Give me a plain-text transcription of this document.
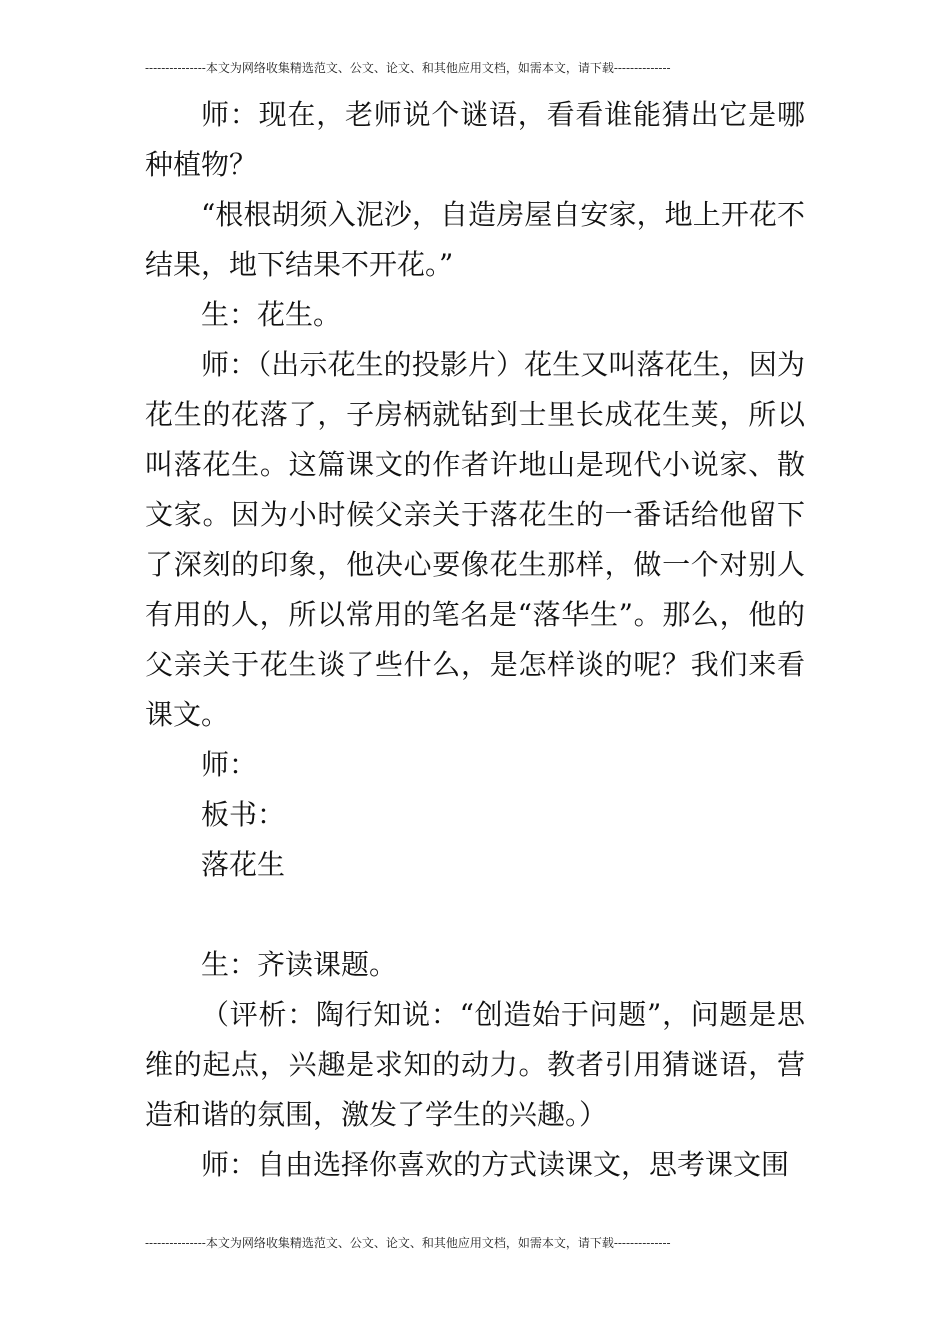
---------------本文为网络收集精选范文、公文、论文、和其他应用文档，如需本文，请下载--------------

师：现在，老师说个谜语，看看谁能猜出它是哪种植物？

“根根胡须入泥沙，自造房屋自安家，地上开花不结果，地下结果不开花。”

生：花生。

师：（出示花生的投影片）花生又叫落花生，因为花生的花落了，子房柄就钻到士里长成花生荚，所以叫落花生。这篇课文的作者许地山是现代小说家、散文家。因为小时候父亲关于落花生的一番话给他留下了深刻的印象，他决心要像花生那样，做一个对别人有用的人，所以常用的笔名是“落华生”。那么，他的父亲关于花生谈了些什么，是怎样谈的呢？我们来看课文。

师：

板书：

落花生

生：齐读课题。

（评析：陶行知说：“创造始于问题”，问题是思维的起点，兴趣是求知的动力。教者引用猜谜语，营造和谐的氛围，激发了学生的兴趣。）

师：自由选择你喜欢的方式读课文，思考课文围

---------------本文为网络收集精选范文、公文、论文、和其他应用文档，如需本文，请下载--------------
